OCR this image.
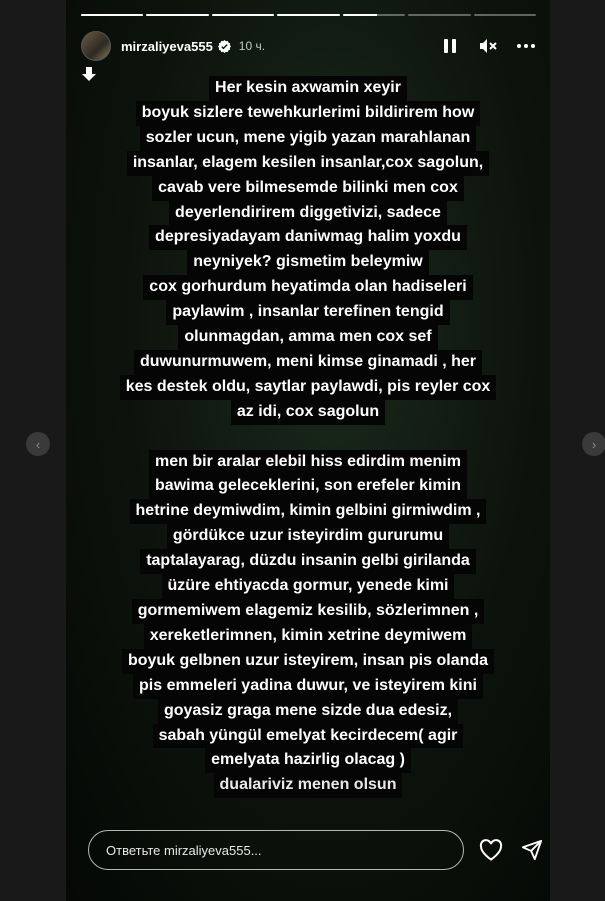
‹	›
mirzaliyeva555 10 ч.
Her kesin axwamin xeyir
boyuk sizlere tewehkurlerimi bildirirem how
sozler ucun, mene yigib yazan marahlanan
insanlar, elagem kesilen insanlar,cox sagolun,
cavab vere bilmesemde bilinki men cox
deyerlendirirem diggetivizi, sadece
depresiyadayam daniwmag halim yoxdu
neyniyek? gismetim beleymiw
cox gorhurdum heyatimda olan hadiseleri
paylawim , insanlar terefinen tengid
olunmagdan, amma men cox sef
duwunurmuwem, meni kimse ginamadi , her
kes destek oldu, saytlar paylawdi, pis reyler cox
az idi, cox sagolun
men bir aralar elebil hiss edirdim menim
bawima geleceklerini, son erefeler kimin
hetrine deymiwdim, kimin gelbini girmiwdim ,
gördükce uzur isteyirdim gururumu
taptalayarag, düzdu insanin gelbi girilanda
üzüre ehtiyacda gormur, yenede kimi
gormemiwem elagemiz kesilib, sözlerimnen ,
xereketlerimnen, kimin xetrine deymiwem
boyuk gelbnen uzur isteyirem, insan pis olanda
pis emmeleri yadina duwur, ve isteyirem kini
goyasiz graga mene sizde dua edesiz,
sabah yüngül emelyat kecirdecem( agir
emelyata hazirlig olacag )
dualariviz menen olsun
Ответьте mirzaliyeva555...
